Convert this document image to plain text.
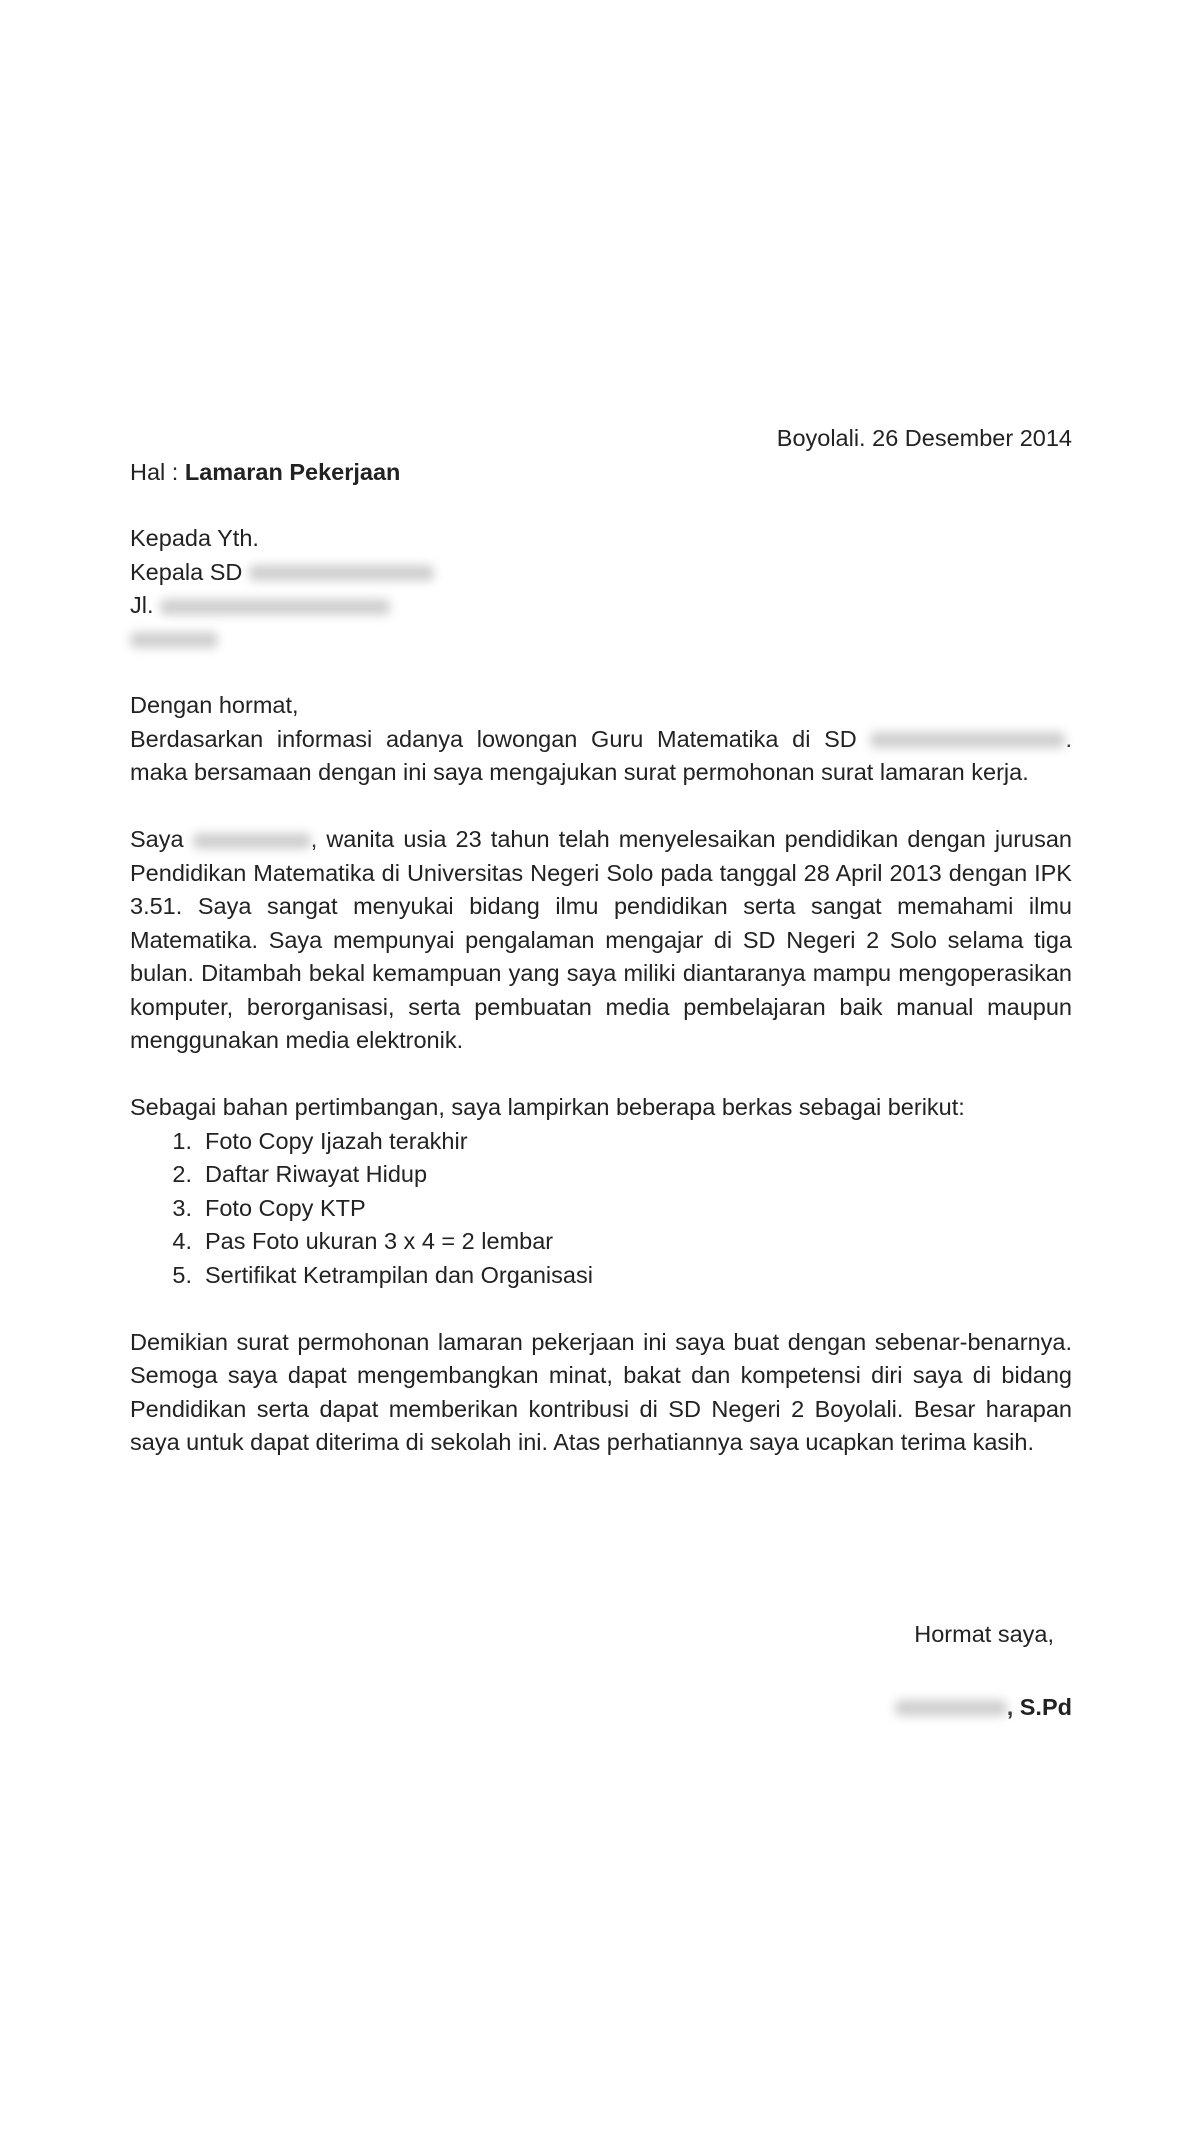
Boyolali. 26 Desember 2014

Hal : Lamaran Pekerjaan

Kepada Yth.

Kepala SD

Jl.

Dengan hormat,

Berdasarkan informasi adanya lowongan Guru Matematika di SD	. maka bersamaan dengan ini saya mengajukan surat permohonan surat lamaran kerja.

Saya	, wanita usia 23 tahun telah menyelesaikan pendidikan dengan jurusan Pendidikan Matematika di Universitas Negeri Solo pada tanggal 28 April 2013 dengan IPK 3.51. Saya sangat menyukai bidang ilmu pendidikan serta sangat memahami ilmu Matematika. Saya mempunyai pengalaman mengajar di SD Negeri 2 Solo selama tiga bulan. Ditambah bekal kemampuan yang saya miliki diantaranya mampu mengoperasikan komputer, berorganisasi, serta pembuatan media pembelajaran baik manual maupun menggunakan media elektronik.

Sebagai bahan pertimbangan, saya lampirkan beberapa berkas sebagai berikut:

1. Foto Copy Ijazah terakhir
2. Daftar Riwayat Hidup
3. Foto Copy KTP
4. Pas Foto ukuran 3 x 4 = 2 lembar
5. Sertifikat Ketrampilan dan Organisasi

Demikian surat permohonan lamaran pekerjaan ini saya buat dengan sebenar-benarnya. Semoga saya dapat mengembangkan minat, bakat dan kompetensi diri saya di bidang Pendidikan serta dapat memberikan kontribusi di SD Negeri 2 Boyolali. Besar harapan saya untuk dapat diterima di sekolah ini. Atas perhatiannya saya ucapkan terima kasih.

Hormat saya,

, S.Pd
